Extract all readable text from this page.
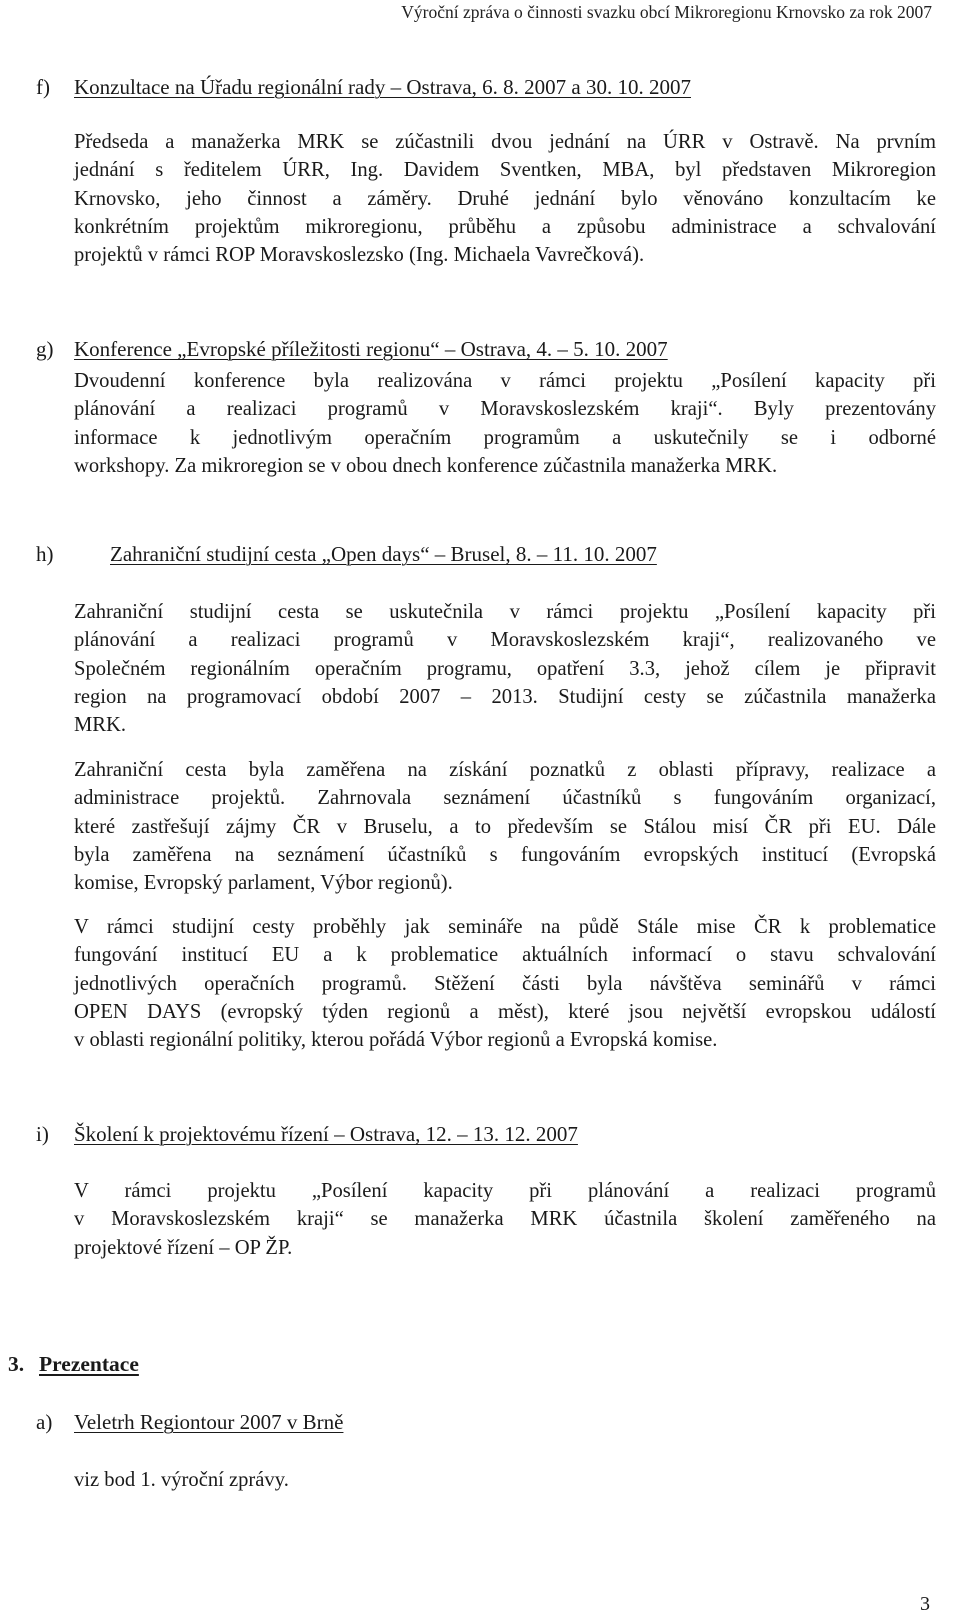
Výroční zpráva o činnosti svazku obcí Mikroregionu Krnovsko za rok 2007
f) Konzultace na Úřadu regionální rady – Ostrava, 6. 8. 2007 a 30. 10. 2007
Předseda a manažerka MRK se zúčastnili dvou jednání na ÚRR v Ostravě. Na prvním
jednání s ředitelem ÚRR, Ing. Davidem Sventken, MBA, byl představen Mikroregion
Krnovsko, jeho činnost a záměry. Druhé jednání bylo věnováno konzultacím ke
konkrétním projektům mikroregionu, průběhu a způsobu administrace a schvalování
projektů v rámci ROP Moravskoslezsko (Ing. Michaela Vavrečková).
g) Konference „Evropské příležitosti regionu“ – Ostrava, 4. – 5. 10. 2007
Dvoudenní konference byla realizována v rámci projektu „Posílení kapacity při
plánování a realizaci programů v Moravskoslezském kraji“. Byly prezentovány
informace k jednotlivým operačním programům a uskutečnily se i odborné
workshopy. Za mikroregion se v obou dnech konference zúčastnila manažerka MRK.
h)	Zahraniční studijní cesta „Open days“ – Brusel, 8. – 11. 10. 2007
Zahraniční studijní cesta se uskutečnila v rámci projektu „Posílení kapacity při
plánování a realizaci programů v Moravskoslezském kraji“, realizovaného ve
Společném regionálním operačním programu, opatření 3.3, jehož cílem je připravit
region na programovací období 2007 – 2013. Studijní cesty se zúčastnila manažerka
MRK.
Zahraniční cesta byla zaměřena na získání poznatků z oblasti přípravy, realizace a
administrace projektů. Zahrnovala seznámení účastníků s fungováním organizací,
které zastřešují zájmy ČR v Bruselu, a to především se Stálou misí ČR při EU. Dále
byla zaměřena na seznámení účastníků s fungováním evropských institucí (Evropská
komise, Evropský parlament, Výbor regionů).
V rámci studijní cesty proběhly jak semináře na půdě Stále mise ČR k problematice
fungování institucí EU a k problematice aktuálních informací o stavu schvalování
jednotlivých operačních programů. Stěžení části byla návštěva seminářů v rámci
OPEN DAYS (evropský týden regionů a měst), které jsou největší evropskou událostí
v oblasti regionální politiky, kterou pořádá Výbor regionů a Evropská komise.
i) Školení k projektovému řízení – Ostrava, 12. – 13. 12. 2007
V rámci projektu „Posílení kapacity při plánování a realizaci programů
v Moravskoslezském kraji“ se manažerka MRK účastnila školení zaměřeného na
projektové řízení – OP ŽP.
3. Prezentace
a) Veletrh Regiontour 2007 v Brně
viz bod 1. výroční zprávy.
3
